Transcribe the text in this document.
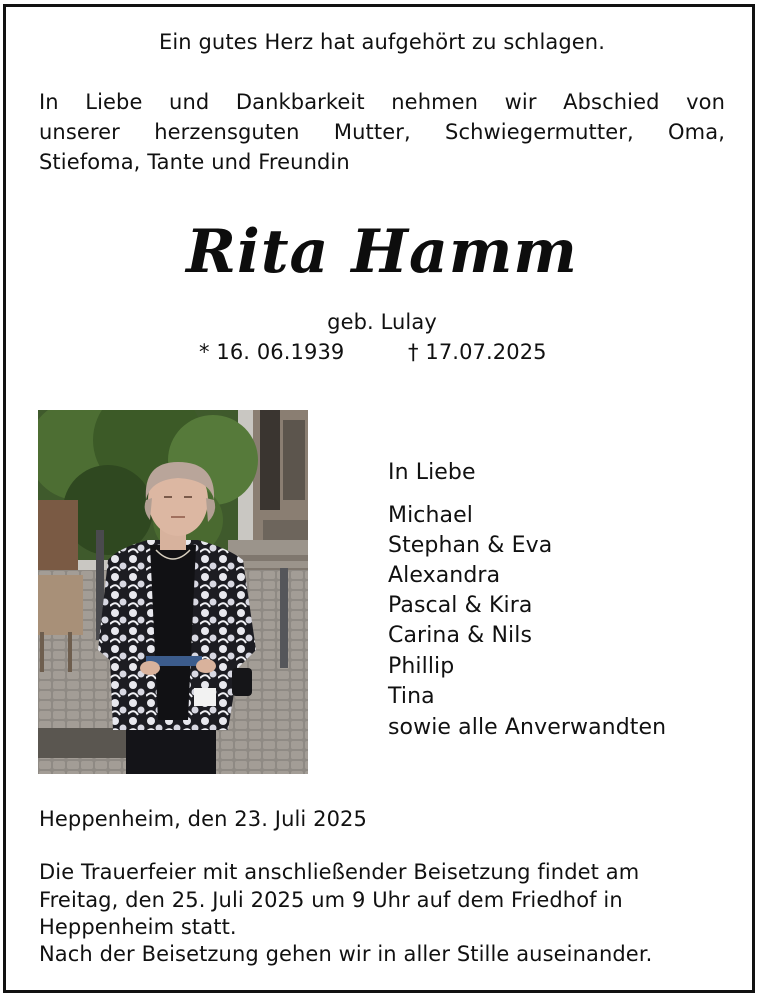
Ein gutes Herz hat aufgehört zu schlagen.
In Liebe und Dankbarkeit nehmen wir Abschied von
unserer herzensguten Mutter, Schwiegermutter, Oma,
Stiefoma, Tante und Freundin
Rita Hamm
geb. Lulay
* 16. 06.1939	† 17.07.2025
In Liebe
Michael
Stephan & Eva
Alexandra
Pascal & Kira
Carina & Nils
Phillip
Tina
sowie alle Anverwandten
Heppenheim, den 23. Juli 2025
Die Trauerfeier mit anschließender Beisetzung findet am
Freitag, den 25. Juli 2025 um 9 Uhr auf dem Friedhof in
Heppenheim statt.
Nach der Beisetzung gehen wir in aller Stille auseinander.
